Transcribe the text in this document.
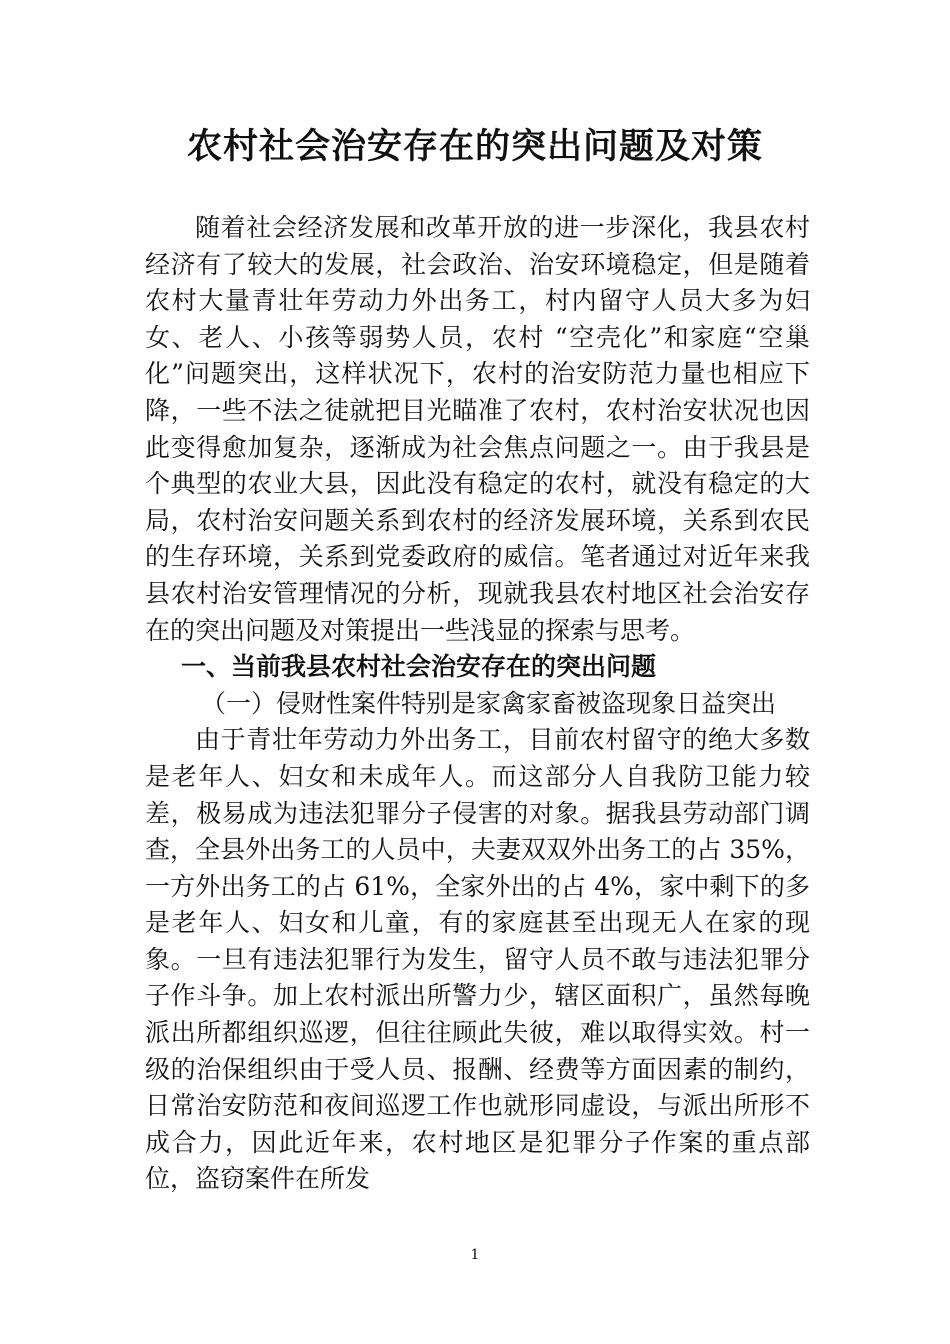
农村社会治安存在的突出问题及对策

随着社会经济发展和改革开放的进一步深化，我县农村经济有了较大的发展，社会政治、治安环境稳定，但是随着农村大量青壮年劳动力外出务工，村内留守人员大多为妇女、老人、小孩等弱势人员，农村 “空壳化”和家庭“空巢化”问题突出，这样状况下，农村的治安防范力量也相应下降，一些不法之徒就把目光瞄准了农村，农村治安状况也因此变得愈加复杂，逐渐成为社会焦点问题之一。由于我县是个典型的农业大县，因此没有稳定的农村，就没有稳定的大局，农村治安问题关系到农村的经济发展环境，关系到农民的生存环境，关系到党委政府的威信。笔者通过对近年来我县农村治安管理情况的分析，现就我县农村地区社会治安存在的突出问题及对策提出一些浅显的探索与思考。

一、当前我县农村社会治安存在的突出问题
（一）侵财性案件特别是家禽家畜被盗现象日益突出

由于青壮年劳动力外出务工，目前农村留守的绝大多数是老年人、妇女和未成年人。而这部分人自我防卫能力较差，极易成为违法犯罪分子侵害的对象。据我县劳动部门调查，全县外出务工的人员中，夫妻双双外出务工的占 35%，一方外出务工的占 61%，全家外出的占 4%，家中剩下的多是老年人、妇女和儿童，有的家庭甚至出现无人在家的现象。一旦有违法犯罪行为发生，留守人员不敢与违法犯罪分子作斗争。加上农村派出所警力少，辖区面积广，虽然每晚派出所都组织巡逻，但往往顾此失彼，难以取得实效。村一级的治保组织由于受人员、报酬、经费等方面因素的制约，日常治安防范和夜间巡逻工作也就形同虚设，与派出所形不成合力，因此近年来，农村地区是犯罪分子作案的重点部位，盗窃案件在所发

1
